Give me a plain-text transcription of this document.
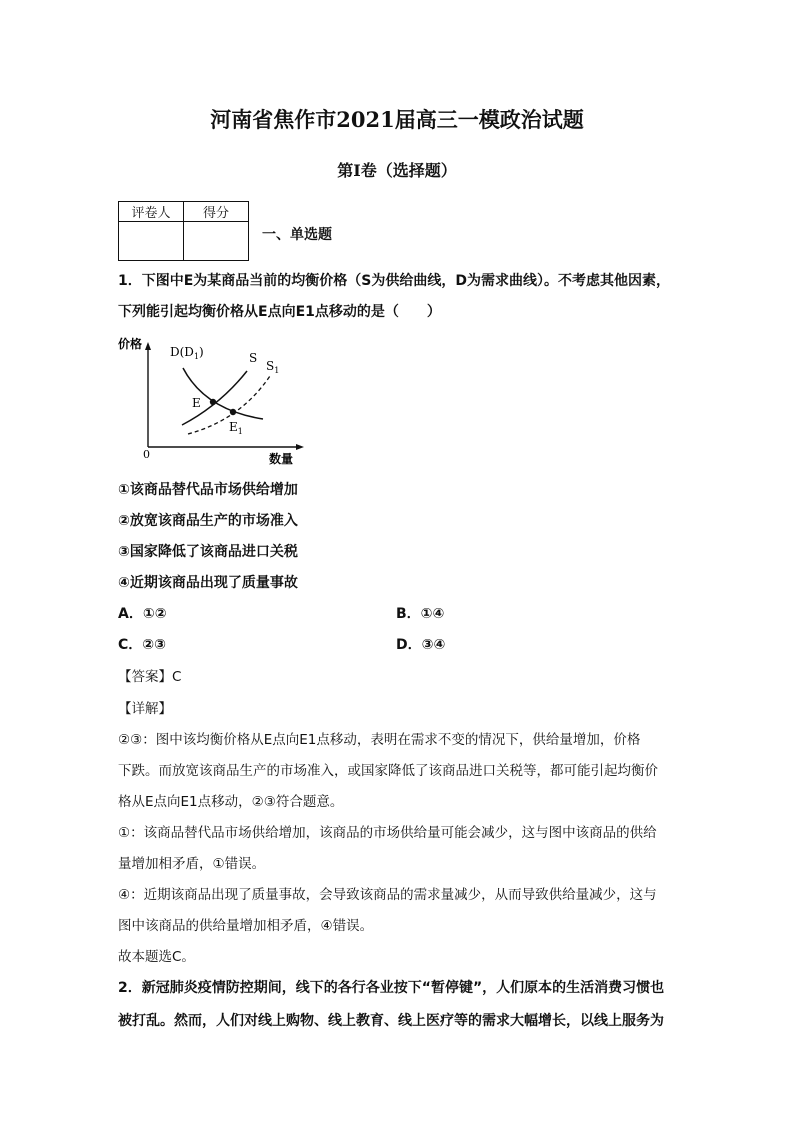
河南省焦作市2021届高三一模政治试题
第I卷（选择题）
评卷人	得分

一、单选题
1．下图中E为某商品当前的均衡价格（S为供给曲线，D为需求曲线）。不考虑其他因素，
下列能引起均衡价格从E点向E1点移动的是（　　）
价格
数量
0
$D(D_1)$	S
$S_1$
E
$E_1$
①该商品替代品市场供给增加
②放宽该商品生产的市场准入
③国家降低了该商品进口关税
④近期该商品出现了质量事故
A．①②	B．①④
C．②③	D．③④
【答案】C
【详解】
②③：图中该均衡价格从E点向E1点移动，表明在需求不变的情况下，供给量增加，价格
下跌。而放宽该商品生产的市场准入，或国家降低了该商品进口关税等，都可能引起均衡价
格从E点向E1点移动，②③符合题意。
①：该商品替代品市场供给增加，该商品的市场供给量可能会减少，这与图中该商品的供给
量增加相矛盾，①错误。
④：近期该商品出现了质量事故，会导致该商品的需求量减少，从而导致供给量减少，这与
图中该商品的供给量增加相矛盾，④错误。
故本题选C。
2．新冠肺炎疫情防控期间，线下的各行各业按下“暂停键”，人们原本的生活消费习惯也
被打乱。然而，人们对线上购物、线上教育、线上医疗等的需求大幅增长，以线上服务为
